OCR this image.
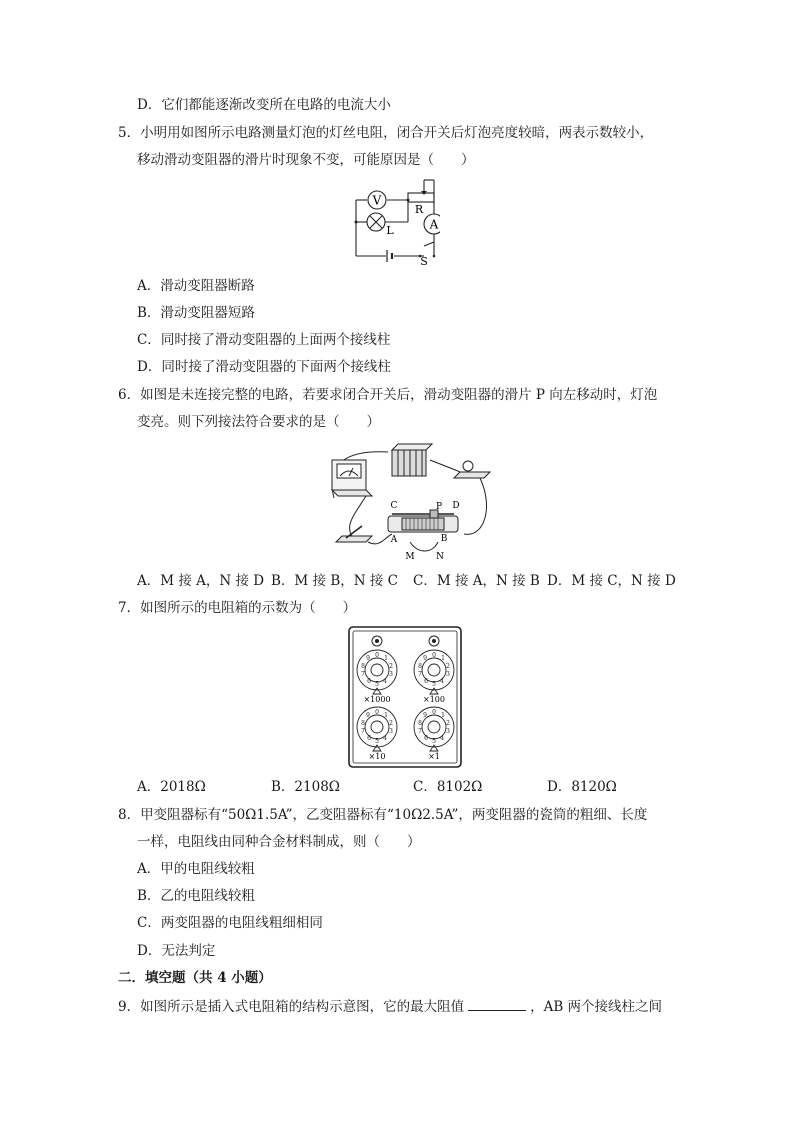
D．它们都能逐渐改变所在电路的电流大小
5．小明用如图所示电路测量灯泡的灯丝电阻，闭合开关后灯泡亮度较暗，两表示数较小，
移动滑动变阻器的滑片时现象不变，可能原因是（　　）
V
R
A
L
S
A．滑动变阻器断路
B．滑动变阻器短路
C．同时接了滑动变阻器的上面两个接线柱
D．同时接了滑动变阻器的下面两个接线柱
6．如图是未连接完整的电路，若要求闭合开关后，滑动变阻器的滑片 P 向左移动时，灯泡
变亮。则下列接法符合要求的是（　　）
C	P D
A	B
M N
A．M 接 A，N 接 D B．M 接 B，N 接 C C．M 接 A，N 接 B D．M 接 C，N 接 D
7．如图所示的电阻箱的示数为（　　）
0 1
2
3
4
5
6
7
8
9	0 1
2
3
4
5
6
7
8
9
0 1
2
3
4
5
6
7
8
9	0 1
2
3
4
5
6
7
8
9
×1000	×100
×10	×1
A．2018Ω	B．2108Ω	C．8102Ω	D．8120Ω
8．甲变阻器标有“50Ω1.5A”，乙变阻器标有“10Ω2.5A”，两变阻器的瓷筒的粗细、长度
一样，电阻线由同种合金材料制成，则（　　）
A．甲的电阻线较粗
B．乙的电阻线较粗
C．两变阻器的电阻线粗细相同
D．无法判定
二．填空题（共 4 小题）
9．如图所示是插入式电阻箱的结构示意图，它的最大阻值	，AB 两个接线柱之间
